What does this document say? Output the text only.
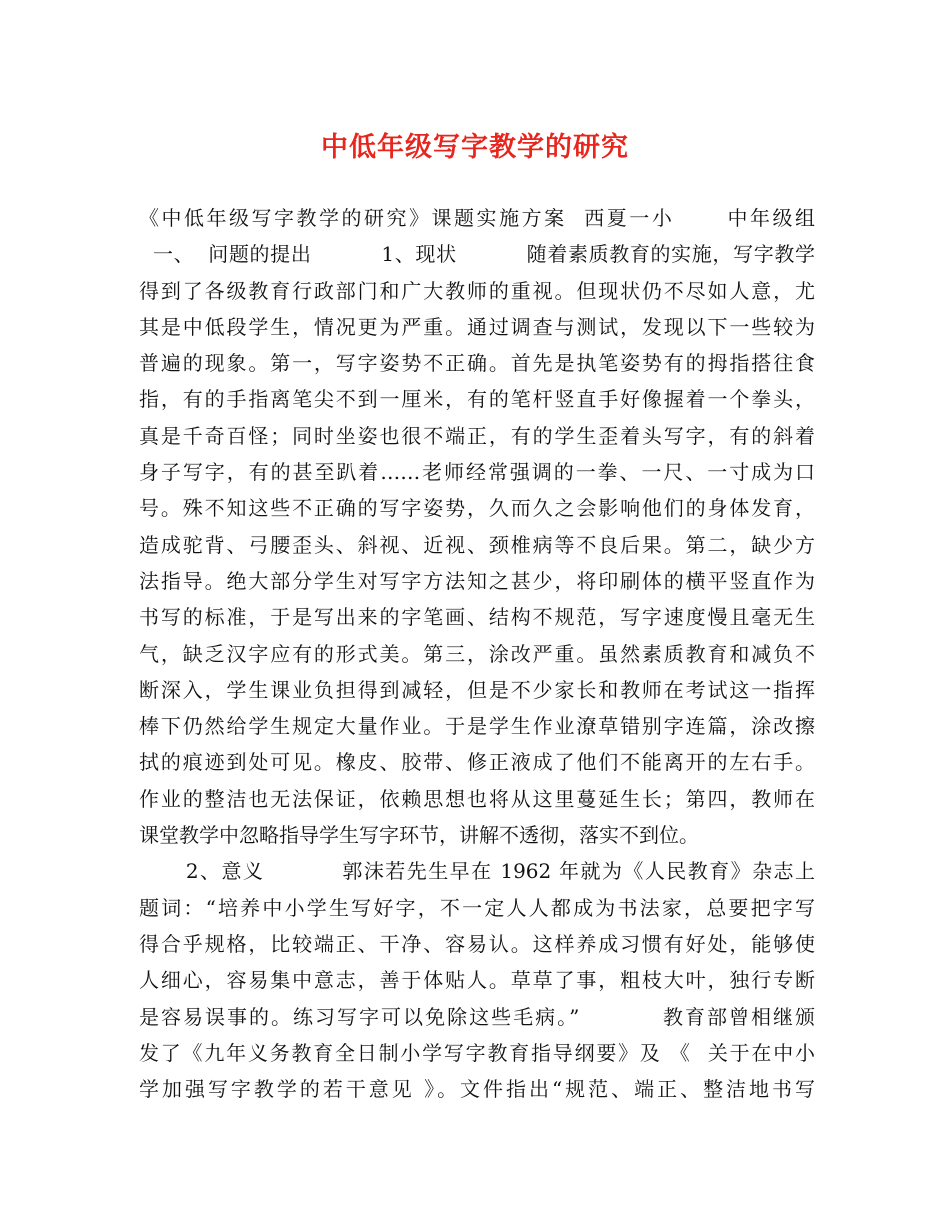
中低年级写字教学的研究
《中低年级写字教学的研究》课题实施方案  西夏一小      中年级组
一、  问题的提出          1、现状          随着素质教育的实施，写字教学
得到了各级教育行政部门和广大教师的重视。但现状仍不尽如人意，尤
其是中低段学生，情况更为严重。通过调查与测试，发现以下一些较为
普遍的现象。第一，写字姿势不正确。首先是执笔姿势有的拇指搭往食
指，有的手指离笔尖不到一厘米，有的笔杆竖直手好像握着一个拳头，
真是千奇百怪；同时坐姿也很不端正，有的学生歪着头写字，有的斜着
身子写字，有的甚至趴着……老师经常强调的一拳、一尺、一寸成为口
号。殊不知这些不正确的写字姿势，久而久之会影响他们的身体发育，
造成驼背、弓腰歪头、斜视、近视、颈椎病等不良后果。第二，缺少方
法指导。绝大部分学生对写字方法知之甚少，将印刷体的横平竖直作为
书写的标准，于是写出来的字笔画、结构不规范，写字速度慢且毫无生
气，缺乏汉字应有的形式美。第三，涂改严重。虽然素质教育和减负不
断深入，学生课业负担得到减轻，但是不少家长和教师在考试这一指挥
棒下仍然给学生规定大量作业。于是学生作业潦草错别字连篇，涂改擦
拭的痕迹到处可见。橡皮、胶带、修正液成了他们不能离开的左右手。
作业的整洁也无法保证，依赖思想也将从这里蔓延生长；第四，教师在
课堂教学中忽略指导学生写字环节，讲解不透彻，落实不到位。
2、意义          郭沫若先生早在 1962 年就为《人民教育》杂志上
题词：“培养中小学生写好字，不一定人人都成为书法家，总要把字写
得合乎规格，比较端正、干净、容易认。这样养成习惯有好处，能够使
人细心，容易集中意志，善于体贴人。草草了事，粗枝大叶，独行专断
是容易误事的。练习写字可以免除这些毛病。”          教育部曾相继颁
发了《九年义务教育全日制小学写字教育指导纲要》及 《  关于在中小
学加强写字教学的若干意见 》。文件指出“规范、端正、整洁地书写
